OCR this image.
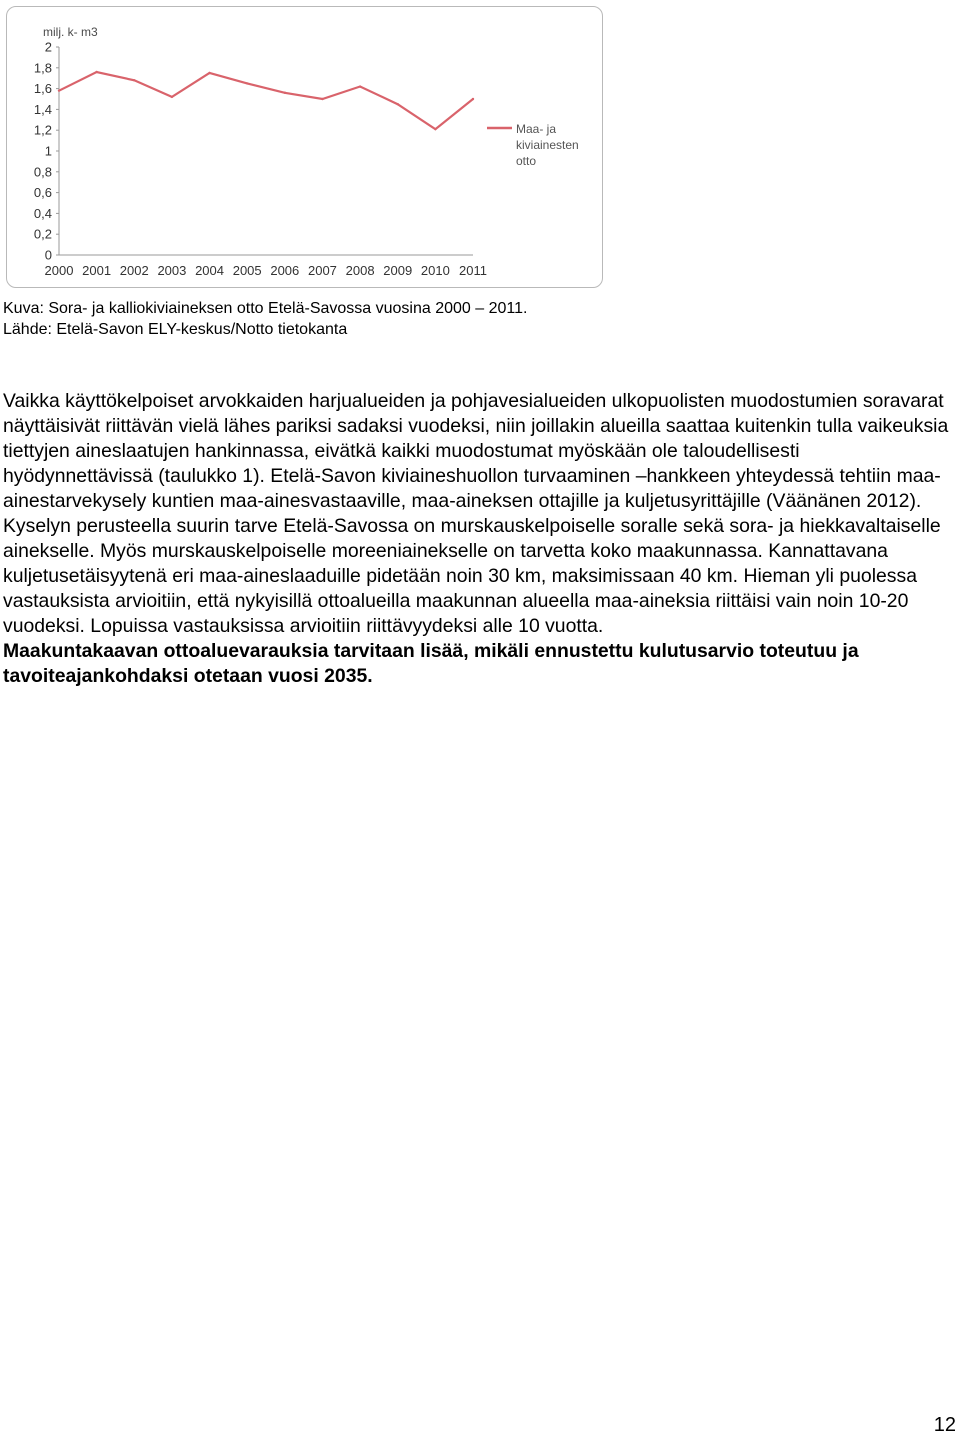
milj. k- m3
0
0,2
0,4
0,6
0,8
1
1,2
1,4
1,6
1,8
2
2000 2001 2002 2003 2004 2005 2006 2007 2008 2009 2010 2011
Maa- ja kiviainesten otto
Kuva: Sora- ja kalliokiviaineksen otto Etelä-Savossa vuosina 2000 – 2011.
Lähde: Etelä-Savon ELY-keskus/Notto tietokanta

Vaikka käyttökelpoiset arvokkaiden harjualueiden ja pohjavesialueiden ulkopuolisten muodostumien soravarat näyttäisivät riittävän vielä lähes pariksi sadaksi vuodeksi, niin joillakin alueilla saattaa kuitenkin tulla vaikeuksia tiettyjen aineslaatujen hankinnassa, eivätkä kaikki muodostumat myöskään ole taloudellisesti hyödynnettävissä (taulukko 1). Etelä-Savon kiviaineshuollon turvaaminen –hankkeen yhteydessä tehtiin maa-ainestarvekysely kuntien maa-ainesvastaaville, maa-aineksen ottajille ja kuljetusyrittäjille (Väänänen 2012). Kyselyn perusteella suurin tarve Etelä-Savossa on murskauskelpoiselle soralle sekä sora- ja hiekkavaltaiselle ainekselle. Myös murskauskelpoiselle moreeniainekselle on tarvetta koko maakunnassa. Kannattavana kuljetusetäisyytenä eri maa-aineslaaduille pidetään noin 30 km, maksimissaan 40 km. Hieman yli puolessa vastauksista arvioitiin, että nykyisillä ottoalueilla maakunnan alueella maa-aineksia riittäisi vain noin 10-20 vuodeksi. Lopuissa vastauksissa arvioitiin riittävyydeksi alle 10 vuotta.

Maakuntakaavan ottoaluevarauksia tarvitaan lisää, mikäli ennustettu kulutusarvio toteutuu ja tavoiteajankohdaksi otetaan vuosi 2035.

12
